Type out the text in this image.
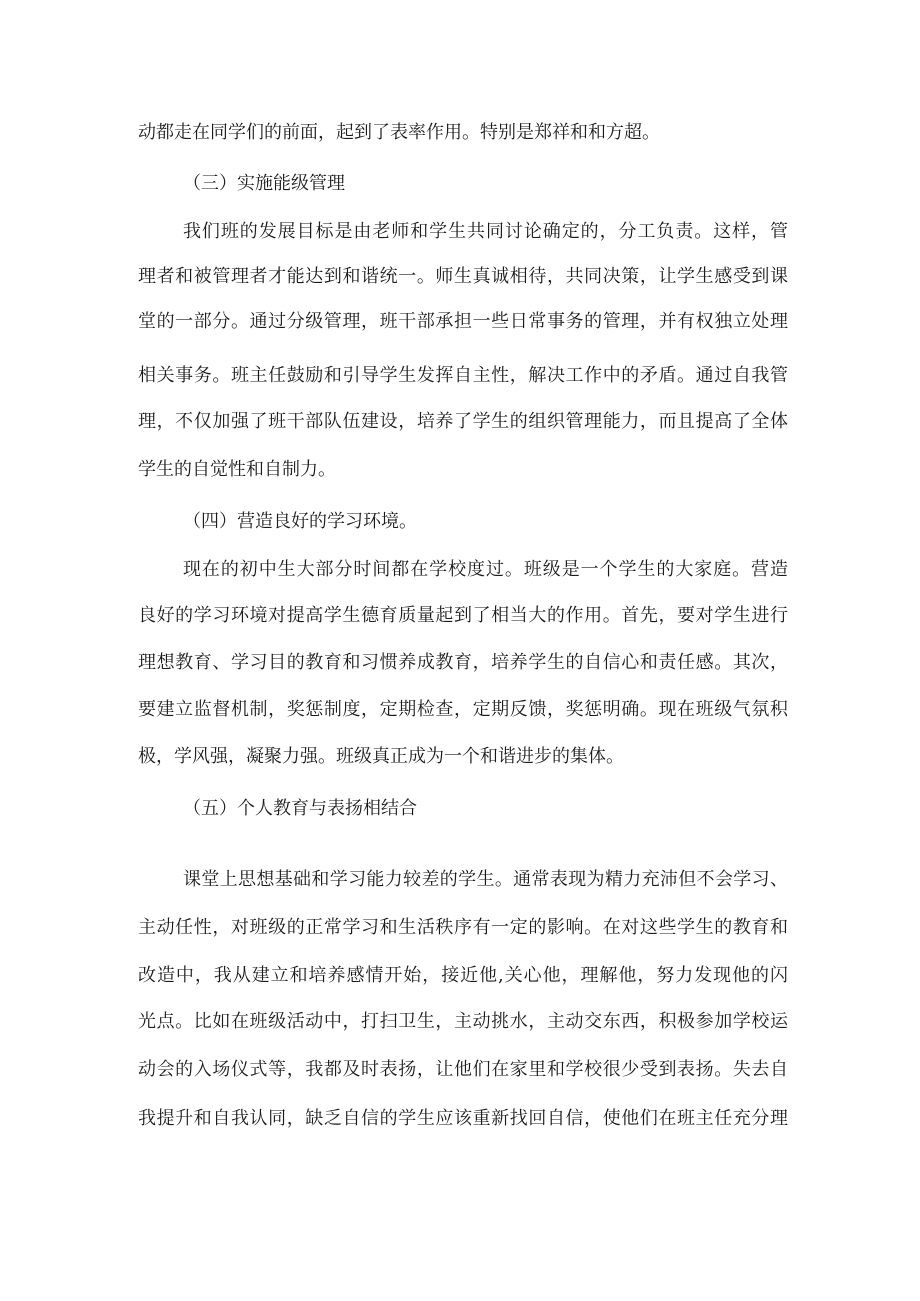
动都走在同学们的前面，起到了表率作用。特别是郑祥和和方超。
（三）实施能级管理
我们班的发展目标是由老师和学生共同讨论确定的，分工负责。这样，管
理者和被管理者才能达到和谐统一。师生真诚相待，共同决策，让学生感受到课
堂的一部分。通过分级管理，班干部承担一些日常事务的管理，并有权独立处理
相关事务。班主任鼓励和引导学生发挥自主性，解决工作中的矛盾。通过自我管
理，不仅加强了班干部队伍建设，培养了学生的组织管理能力，而且提高了全体
学生的自觉性和自制力。
（四）营造良好的学习环境。
现在的初中生大部分时间都在学校度过。班级是一个学生的大家庭。营造
良好的学习环境对提高学生德育质量起到了相当大的作用。首先，要对学生进行
理想教育、学习目的教育和习惯养成教育，培养学生的自信心和责任感。其次，
要建立监督机制，奖惩制度，定期检查，定期反馈，奖惩明确。现在班级气氛积
极，学风强，凝聚力强。班级真正成为一个和谐进步的集体。
（五）个人教育与表扬相结合
课堂上思想基础和学习能力较差的学生。通常表现为精力充沛但不会学习、
主动任性，对班级的正常学习和生活秩序有一定的影响。在对这些学生的教育和
改造中，我从建立和培养感情开始，接近他,关心他，理解他，努力发现他的闪
光点。比如在班级活动中，打扫卫生，主动挑水，主动交东西，积极参加学校运
动会的入场仪式等，我都及时表扬，让他们在家里和学校很少受到表扬。失去自
我提升和自我认同，缺乏自信的学生应该重新找回自信，使他们在班主任充分理
